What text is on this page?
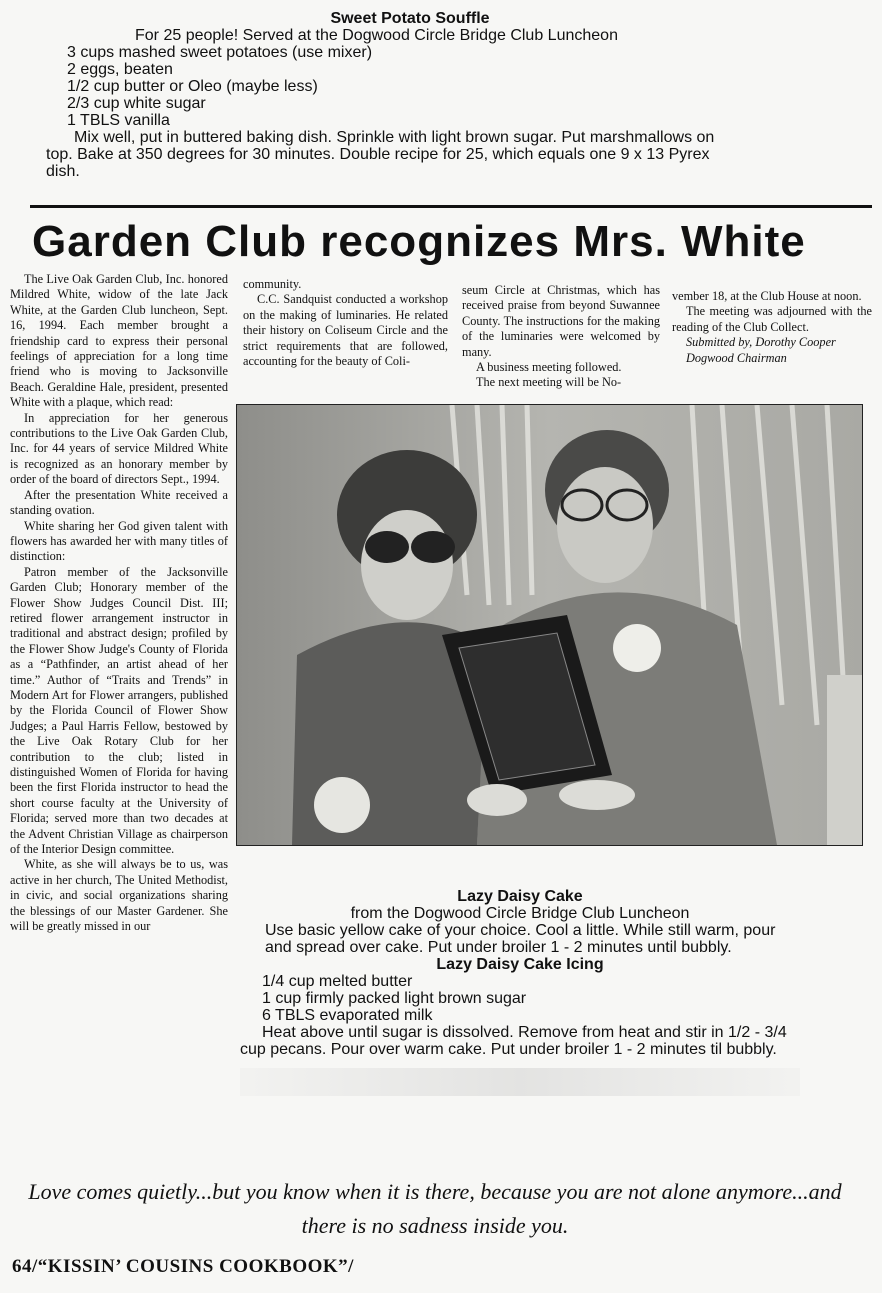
Sweet Potato Souffle
For 25 people! Served at the Dogwood Circle Bridge Club Luncheon
3 cups mashed sweet potatoes (use mixer)
2 eggs, beaten
1/2 cup butter or Oleo (maybe less)
2/3 cup white sugar
1 TBLS vanilla
Mix well, put in buttered baking dish. Sprinkle with light brown sugar. Put marshmallows on
top. Bake at 350 degrees for 30 minutes. Double recipe for 25, which equals one 9 x 13 Pyrex
dish.
Garden Club recognizes Mrs. White

The Live Oak Garden Club, Inc. honored Mildred White, widow of the late Jack White, at the Garden Club luncheon, Sept. 16, 1994. Each member brought a friendship card to express their personal feelings of appreciation for a long time friend who is moving to Jacksonville Beach. Geraldine Hale, president, presented White with a plaque, which read:

In appreciation for her generous contributions to the Live Oak Garden Club, Inc. for 44 years of service Mildred White is recognized as an honorary member by order of the board of directors Sept., 1994.

After the presentation White received a standing ovation.

White sharing her God given talent with flowers has awarded her with many titles of distinction:

Patron member of the Jacksonville Garden Club; Honorary member of the Flower Show Judges Council Dist. III; retired flower arrangement instructor in traditional and abstract design; profiled by the Flower Show Judge's County of Florida as a “Pathfinder, an artist ahead of her time.” Author of “Traits and Trends” in Modern Art for Flower arrangers, published by the Florida Council of Flower Show Judges; a Paul Harris Fellow, bestowed by the Live Oak Rotary Club for her contribution to the club; listed in distinguished Women of Florida for having been the first Florida instructor to head the short course faculty at the University of Florida; served more than two decades at the Advent Christian Village as chairperson of the Interior Design committee.

White, as she will always be to us, was active in her church, The United Methodist, in civic, and social organizations sharing the blessings of our Master Gardener. She will be greatly missed in our

community.

C.C. Sandquist conducted a workshop on the making of luminaries. He related their history on Coliseum Circle and the strict requirements that are followed, accounting for the beauty of Coli-

seum Circle at Christmas, which has received praise from beyond Suwannee County. The instructions for the making of the luminaries were welcomed by many.

A business meeting followed.

The next meeting will be No-

vember 18, at the Club House at noon.

The meeting was adjourned with the reading of the Club Collect.

Submitted by, Dorothy Cooper

Dogwood Chairman

Lazy Daisy Cake
from the Dogwood Circle Bridge Club Luncheon
Use basic yellow cake of your choice. Cool a little. While still warm, pour and spread over cake. Put under broiler 1 - 2 minutes until bubbly.
Lazy Daisy Cake Icing
1/4 cup melted butter
1 cup firmly packed light brown sugar
6 TBLS evaporated milk
Heat above until sugar is dissolved. Remove from heat and stir in 1/2 - 3/4 cup pecans. Pour over warm cake. Put under broiler 1 - 2 minutes til bubbly.
Love comes quietly...but you know when it is there, because you are not alone anymore...and there is no sadness inside you.
64/“KISSIN’ COUSINS COOKBOOK”/
